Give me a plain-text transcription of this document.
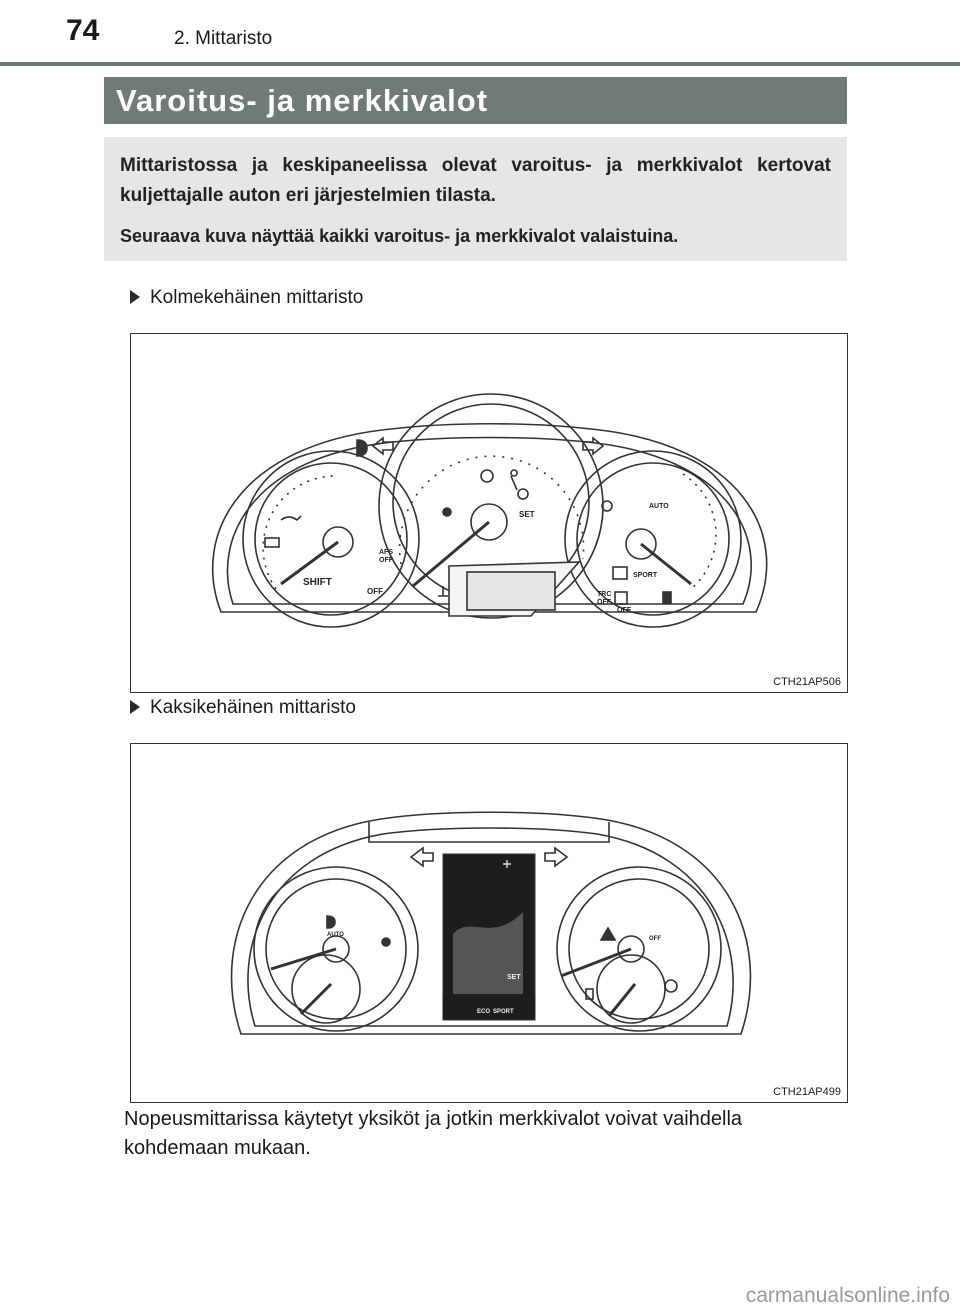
74	2. Mittaristo
Varoitus- ja merkkivalot
Mittaristossa ja keskipaneelissa olevat varoitus- ja merkkivalot kertovat kuljettajalle auton eri järjestelmien tilasta.
Seuraava kuva näyttää kaikki varoitus- ja merkkivalot valaistuina.
Kolmekehäinen mittaristo
SHIFT
AFS
OFF
OFF
SET
AUTO
SPORT
TRC
OFF
OFF
CTH21AP506
Kaksikehäinen mittaristo
SET
ECO SPORT
AUTO
OFF
CTH21AP499
Nopeusmittarissa käytetyt yksiköt ja jotkin merkkivalot voivat vaihdella kohdemaan mukaan.
carmanualsonline.info
